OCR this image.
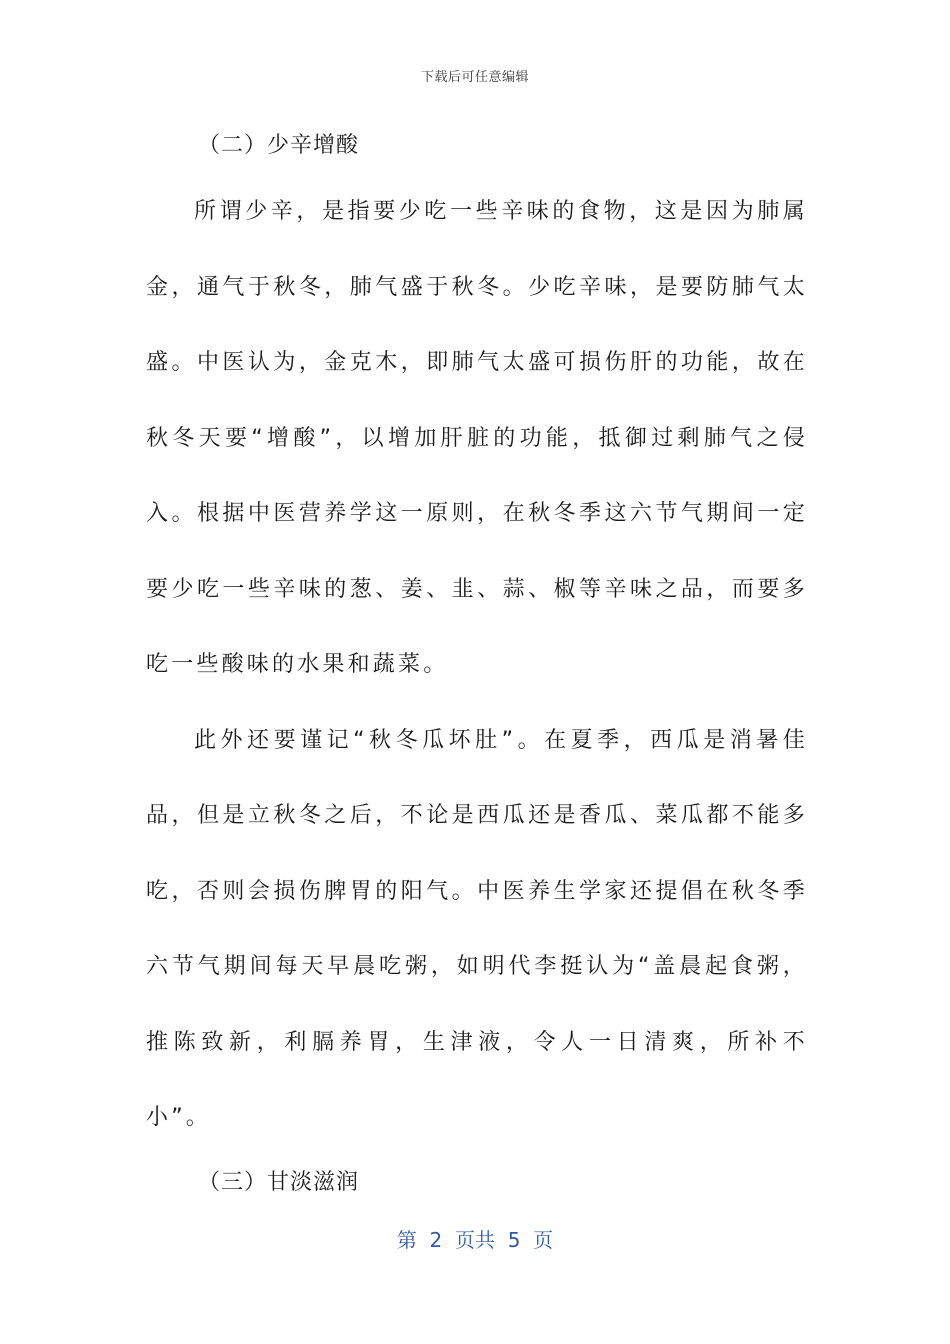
下载后可任意编辑
（二）少辛增酸

所谓少辛，是指要少吃一些辛味的食物，这是因为肺属金，通气于秋冬，肺气盛于秋冬。少吃辛味，是要防肺气太盛。中医认为，金克木，即肺气太盛可损伤肝的功能，故在秋冬天要“增酸”，以增加肝脏的功能，抵御过剩肺气之侵入。根据中医营养学这一原则，在秋冬季这六节气期间一定要少吃一些辛味的葱、姜、韭、蒜、椒等辛味之品，而要多吃一些酸味的水果和蔬菜。

此外还要谨记“秋冬瓜坏肚”。在夏季，西瓜是消暑佳品，但是立秋冬之后，不论是西瓜还是香瓜、菜瓜都不能多吃，否则会损伤脾胃的阳气。中医养生学家还提倡在秋冬季六节气期间每天早晨吃粥，如明代李挺认为“盖晨起食粥，推陈致新，利膈养胃，生津液，令人一日清爽，所补不小”。

（三）甘淡滋润
第  2  页共  5  页
